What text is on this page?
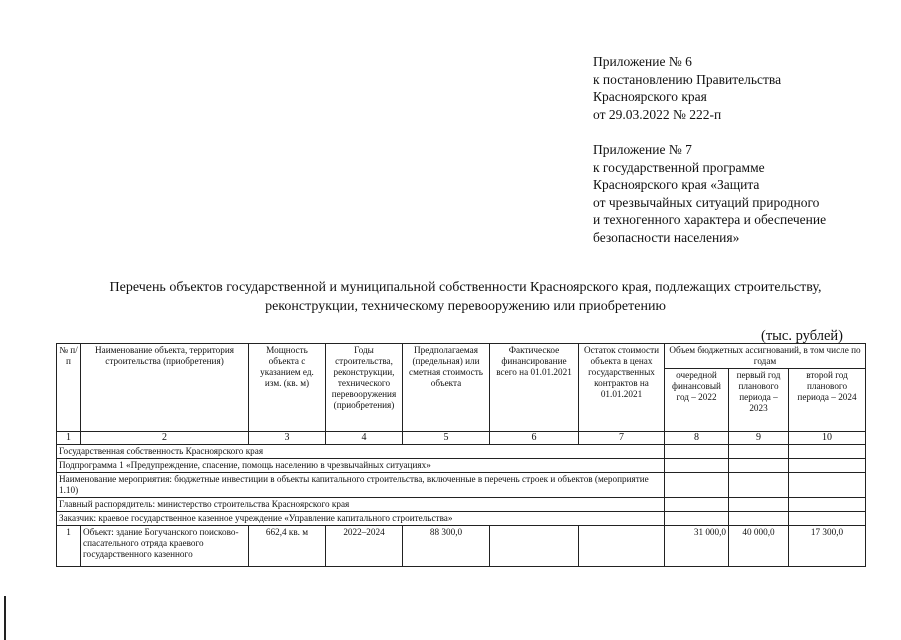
Приложение № 6
к постановлению Правительства
Красноярского края
от 29.03.2022 № 222-п
Приложение № 7
к государственной программе
Красноярского края «Защита
от чрезвычайных ситуаций природного
и техногенного характера и обеспечение
безопасности населения»
Перечень объектов государственной и муниципальной собственности Красноярского края, подлежащих строительству,
реконструкции, техническому перевооружению или приобретению
(тыс. рублей)
№ п/п	Наименование объекта, территория строительства (приобретения)	Мощность объекта с указанием ед. изм. (кв. м)	Годы строительства, реконструкции, технического перевооружения (приобретения)	Предполагаемая (предельная) или сметная стоимость объекта	Фактическое финансирование всего на 01.01.2021	Остаток стоимости объекта в ценах государственных контрактов на 01.01.2021	Объем бюджетных ассигнований, в том числе по годам		
							очередной финансовый год – 2022	первый год планового периода – 2023	второй год планового периода – 2024
1	2	3	4	5	6	7	8	9	10
Государственная собственность Красноярского края									
Подпрограмма 1 «Предупреждение, спасение, помощь населению в чрезвычайных ситуациях»									
Наименование мероприятия: бюджетные инвестиции в объекты капитального строительства, включенные в перечень строек и объектов (мероприятие 1.10)									
Главный распорядитель: министерство строительства Красноярского края									
Заказчик: краевое государственное казенное учреждение «Управление капитального строительства»									
1	Объект: здание Богучанского поисково-спасательного отряда краевого государственного казенного	662,4 кв. м	2022–2024	88 300,0			31 000,0	40 000,0	17 300,0
